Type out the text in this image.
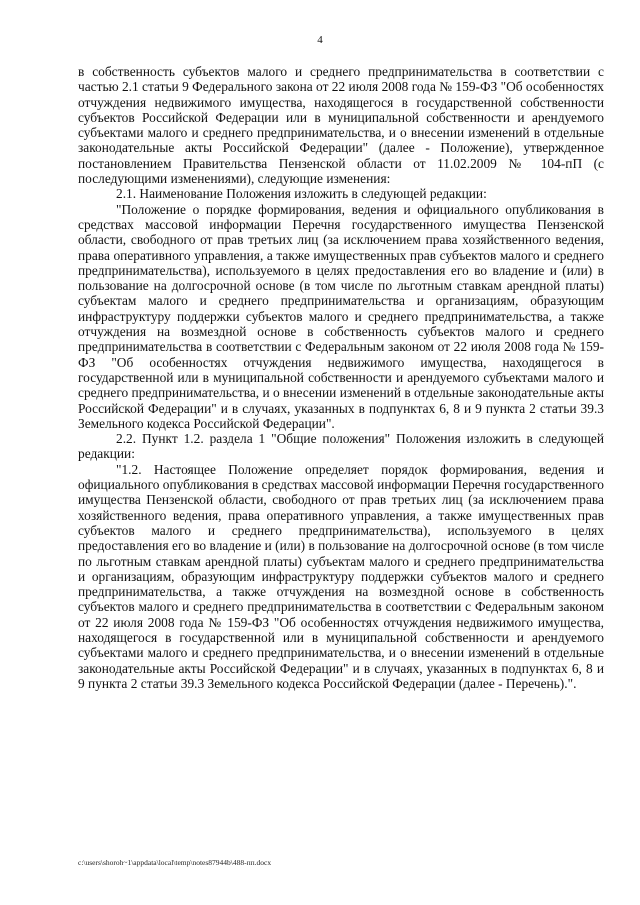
4

в собственность субъектов малого и среднего предпринимательства в соответствии с частью 2.1 статьи 9 Федерального закона от 22 июля 2008 года № 159-ФЗ "Об особенностях отчуждения недвижимого имущества, находящегося в государственной собственности субъектов Российской Федерации или в муниципальной собственности и арендуемого субъектами малого и среднего предпринимательства, и о внесении изменений в отдельные законодательные акты Российской Федерации" (далее - Положение), утвержденное постановлением Правительства Пензенской области от 11.02.2009 № 104-пП (с последующими изменениями), следующие изменения:

2.1. Наименование Положения изложить в следующей редакции:

"Положение о порядке формирования, ведения и официального опубликования в средствах массовой информации Перечня государственного имущества Пензенской области, свободного от прав третьих лиц (за исключением права хозяйственного ведения, права оперативного управления, а также имущественных прав субъектов малого и среднего предпринимательства), используемого в целях предоставления его во владение и (или) в пользование на долгосрочной основе (в том числе по льготным ставкам арендной платы) субъектам малого и среднего предпринимательства и организациям, образующим инфраструктуру поддержки субъектов малого и среднего предпринимательства, а также отчуждения на возмездной основе в собственность субъектов малого и среднего предпринимательства в соответствии с Федеральным законом от 22 июля 2008 года № 159-ФЗ "Об особенностях отчуждения недвижимого имущества, находящегося в государственной или в муниципальной собственности и арендуемого субъектами малого и среднего предпринимательства, и о внесении изменений в отдельные законодательные акты Российской Федерации" и в случаях, указанных в подпунктах 6, 8 и 9 пункта 2 статьи 39.3 Земельного кодекса Российской Федерации".

2.2. Пункт 1.2. раздела 1 "Общие положения" Положения изложить в следующей редакции:

"1.2. Настоящее Положение определяет порядок формирования, ведения и официального опубликования в средствах массовой информации Перечня государственного имущества Пензенской области, свободного от прав третьих лиц (за исключением права хозяйственного ведения, права оперативного управления, а также имущественных прав субъектов малого и среднего предпринимательства), используемого в целях предоставления его во владение и (или) в пользование на долгосрочной основе (в том числе по льготным ставкам арендной платы) субъектам малого и среднего предпринимательства и организациям, образующим инфраструктуру поддержки субъектов малого и среднего предпринимательства, а также отчуждения на возмездной основе в собственность субъектов малого и среднего предпринимательства в соответствии с Федеральным законом от 22 июля 2008 года № 159-ФЗ "Об особенностях отчуждения недвижимого имущества, находящегося в государственной или в муниципальной собственности и арендуемого субъектами малого и среднего предпринимательства, и о внесении изменений в отдельные законодательные акты Российской Федерации" и в случаях, указанных в подпунктах 6, 8 и 9 пункта 2 статьи 39.3 Земельного кодекса Российской Федерации (далее - Перечень).".

c:\users\shoroh~1\appdata\local\temp\notes87944b\488-пп.docx
